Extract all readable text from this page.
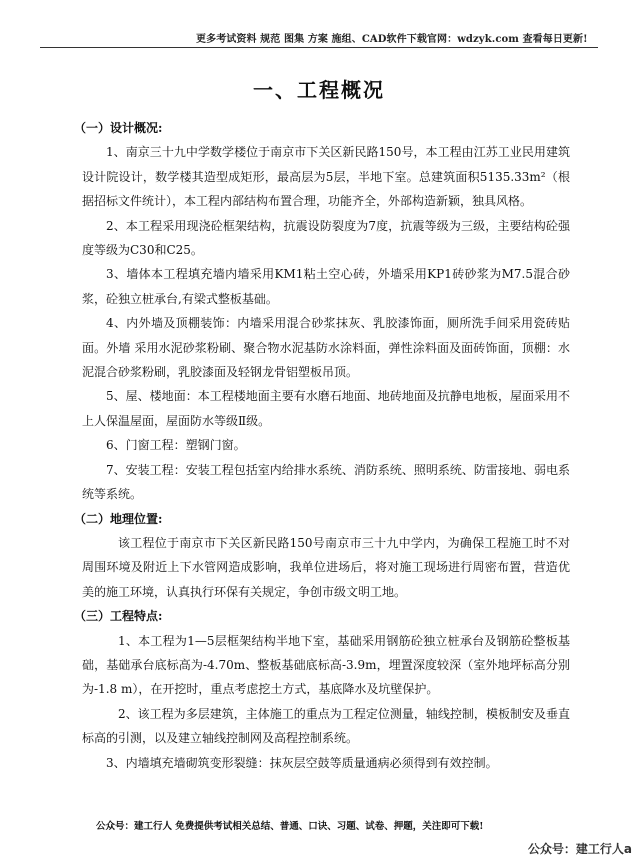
更多考试资料 规范 图集 方案 施组、CAD软件下载官网：wdzyk.com 查看每日更新!
一、工程概况

（一）设计概况:

1、南京三十九中学数学楼位于南京市下关区新民路150号，本工程由江苏工业民用建筑设计院设计，数学楼其造型成矩形，最高层为5层，半地下室。总建筑面积5135.33m²（根据招标文件统计），本工程内部结构布置合理，功能齐全，外部构造新颖，独具风格。

2、本工程采用现浇砼框架结构，抗震设防裂度为7度，抗震等级为三级，主要结构砼强度等级为C30和C25。

3、墙体本工程填充墙内墙采用KM1粘土空心砖，外墙采用KP1砖砂浆为M7.5混合砂浆，砼独立桩承台,有梁式整板基础。

4、内外墙及顶棚装饰：内墙采用混合砂浆抹灰、乳胶漆饰面，厕所洗手间采用瓷砖贴面。外墙 采用水泥砂浆粉刷、聚合物水泥基防水涂料面，弹性涂料面及面砖饰面，顶棚：水泥混合砂浆粉刷，乳胶漆面及轻钢龙骨铝塑板吊顶。

5、屋、楼地面：本工程楼地面主要有水磨石地面、地砖地面及抗静电地板，屋面采用不上人保温屋面，屋面防水等级Ⅱ级。

6、门窗工程：塑钢门窗。

7、安装工程：安装工程包括室内给排水系统、消防系统、照明系统、防雷接地、弱电系统等系统。

（二）地理位置:

该工程位于南京市下关区新民路150号南京市三十九中学内，为确保工程施工时不对周围环境及附近上下水管网造成影响，我单位进场后，将对施工现场进行周密布置，营造优美的施工环境，认真执行环保有关规定，争创市级文明工地。

（三）工程特点:

1、本工程为1—5层框架结构半地下室，基础采用钢筋砼独立桩承台及钢筋砼整板基础，基础承台底标高为-4.70m、整板基础底标高-3.9m，埋置深度较深（室外地坪标高分别为-1.8 m），在开挖时，重点考虑挖土方式，基底降水及坑壁保护。

2、该工程为多层建筑，主体施工的重点为工程定位测量，轴线控制，模板制安及垂直标高的引测，以及建立轴线控制网及高程控制系统。

3、内墙填充墙砌筑变形裂缝：抹灰层空鼓等质量通病必须得到有效控制。

公众号：建工行人 免费提供考试相关总结、普通、口诀、习题、试卷、押题，关注即可下载!
公众号：建工行人a
